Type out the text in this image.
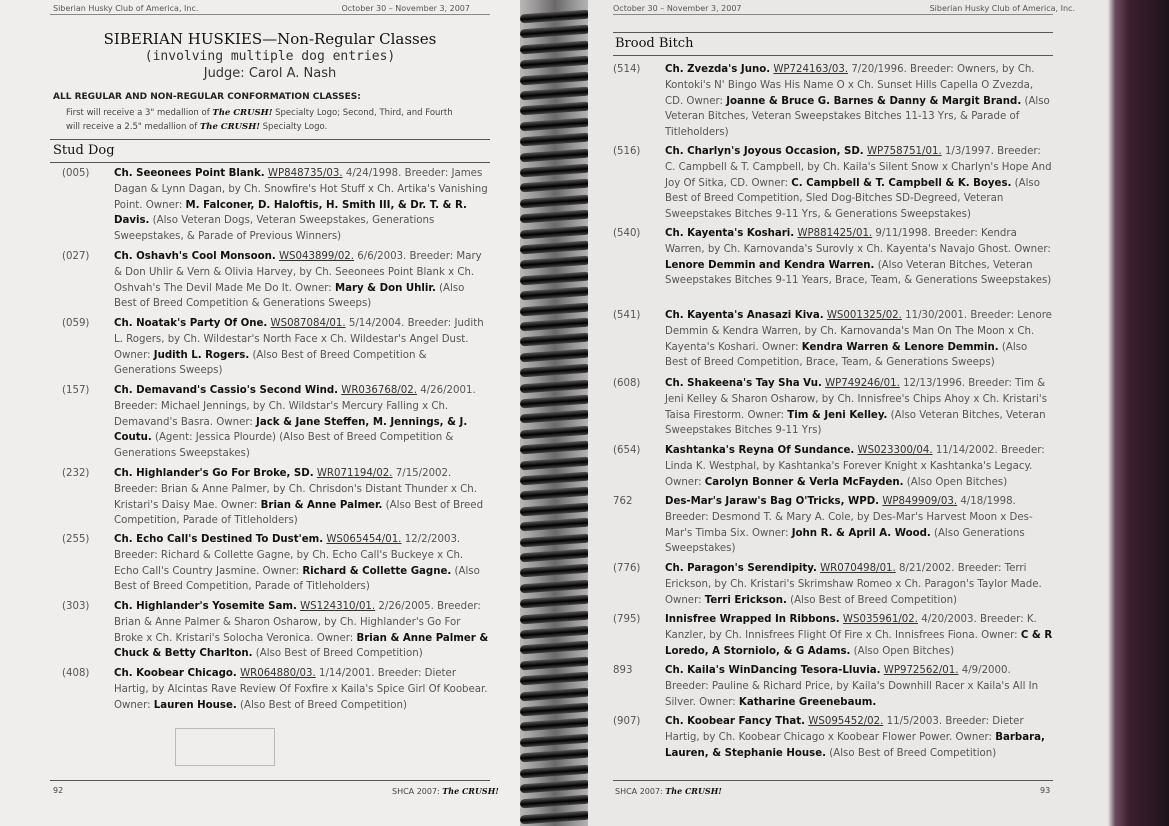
Siberian Husky Club of America, Inc.	October 30 – November 3, 2007
SIBERIAN HUSKIES—Non-Regular Classes
(involving multiple dog entries)
Judge: Carol A. Nash
ALL REGULAR AND NON-REGULAR CONFORMATION CLASSES:
First will receive a 3" medallion of The CRUSH! Specialty Logo; Second, Third, and Fourth
will receive a 2.5" medallion of The CRUSH! Specialty Logo.
Stud Dog
(005)	Ch. Seeonees Point Blank. WP848735/03. 4/24/1998. Breeder: James Dagan & Lynn Dagan, by Ch. Snowfire's Hot Stuff x Ch. Artika's Vanishing Point. Owner: M. Falconer, D. Haloftis, H. Smith III, & Dr. T. & R. Davis. (Also Veteran Dogs, Veteran Sweepstakes, Generations Sweepstakes, & Parade of Previous Winners)
(027)	Ch. Oshavh's Cool Monsoon. WS043899/02. 6/6/2003. Breeder: Mary & Don Uhlir & Vern & Olivia Harvey, by Ch. Seeonees Point Blank x Ch. Oshvah's The Devil Made Me Do It. Owner: Mary & Don Uhlir. (Also Best of Breed Competition & Generations Sweeps)
(059)	Ch. Noatak's Party Of One. WS087084/01. 5/14/2004. Breeder: Judith L. Rogers, by Ch. Wildestar's North Face x Ch. Wildestar's Angel Dust. Owner: Judith L. Rogers. (Also Best of Breed Competition & Generations Sweeps)
(157)	Ch. Demavand's Cassio's Second Wind. WR036768/02. 4/26/2001. Breeder: Michael Jennings, by Ch. Wildstar's Mercury Falling x Ch. Demavand's Basra. Owner: Jack & Jane Steffen, M. Jennings, & J. Coutu. (Agent: Jessica Plourde) (Also Best of Breed Competition & Generations Sweepstakes)
(232)	Ch. Highlander's Go For Broke, SD. WR071194/02. 7/15/2002. Breeder: Brian & Anne Palmer, by Ch. Chrisdon's Distant Thunder x Ch. Kristari's Daisy Mae. Owner: Brian & Anne Palmer. (Also Best of Breed Competition, Parade of Titleholders)
(255)	Ch. Echo Call's Destined To Dust'em. WS065454/01. 12/2/2003. Breeder: Richard & Collette Gagne, by Ch. Echo Call's Buckeye x Ch. Echo Call's Country Jasmine. Owner: Richard & Collette Gagne. (Also Best of Breed Competition, Parade of Titleholders)
(303)	Ch. Highlander's Yosemite Sam. WS124310/01. 2/26/2005. Breeder: Brian & Anne Palmer & Sharon Osharow, by Ch. Highlander's Go For Broke x Ch. Kristari's Solocha Veronica. Owner: Brian & Anne Palmer & Chuck & Betty Charlton. (Also Best of Breed Competition)
(408)	Ch. Koobear Chicago. WR064880/03. 1/14/2001. Breeder: Dieter Hartig, by Alcintas Rave Review Of Foxfire x Kaila's Spice Girl Of Koobear. Owner: Lauren House. (Also Best of Breed Competition)
92	SHCA 2007: The CRUSH!
October 30 – November 3, 2007	Siberian Husky Club of America, Inc.
Brood Bitch
(514)	Ch. Zvezda's Juno. WP724163/03. 7/20/1996. Breeder: Owners, by Ch. Kontoki's N' Bingo Was His Name O x Ch. Sunset Hills Capella O Zvezda, CD. Owner: Joanne & Bruce G. Barnes & Danny & Margit Brand. (Also Veteran Bitches, Veteran Sweepstakes Bitches 11-13 Yrs, & Parade of Titleholders)
(516)	Ch. Charlyn's Joyous Occasion, SD. WP758751/01. 1/3/1997. Breeder: C. Campbell & T. Campbell, by Ch. Kaila's Silent Snow x Charlyn's Hope And Joy Of Sitka, CD. Owner: C. Campbell & T. Campbell & K. Boyes. (Also Best of Breed Competition, Sled Dog-Bitches SD-Degreed, Veteran Sweepstakes Bitches 9-11 Yrs, & Generations Sweepstakes)
(540)	Ch. Kayenta's Koshari. WP881425/01. 9/11/1998. Breeder: Kendra Warren, by Ch. Karnovanda's Surovly x Ch. Kayenta's Navajo Ghost. Owner: Lenore Demmin and Kendra Warren. (Also Veteran Bitches, Veteran Sweepstakes Bitches 9-11 Years, Brace, Team, & Generations Sweepstakes)
(541)	Ch. Kayenta's Anasazi Kiva. WS001325/02. 11/30/2001. Breeder: Lenore Demmin & Kendra Warren, by Ch. Karnovanda's Man On The Moon x Ch. Kayenta's Koshari. Owner: Kendra Warren & Lenore Demmin. (Also Best of Breed Competition, Brace, Team, & Generations Sweeps)
(608)	Ch. Shakeena's Tay Sha Vu. WP749246/01. 12/13/1996. Breeder: Tim & Jeni Kelley & Sharon Osharow, by Ch. Innisfree's Chips Ahoy x Ch. Kristari's Taisa Firestorm. Owner: Tim & Jeni Kelley. (Also Veteran Bitches, Veteran Sweepstakes Bitches 9-11 Yrs)
(654)	Kashtanka's Reyna Of Sundance. WS023300/04. 11/14/2002. Breeder: Linda K. Westphal, by Kashtanka's Forever Knight x Kashtanka's Legacy. Owner: Carolyn Bonner & Verla McFayden. (Also Open Bitches)
762	Des-Mar's Jaraw's Bag O'Tricks, WPD. WP849909/03. 4/18/1998. Breeder: Desmond T. & Mary A. Cole, by Des-Mar's Harvest Moon x Des-Mar's Timba Six. Owner: John R. & April A. Wood. (Also Generations Sweepstakes)
(776)	Ch. Paragon's Serendipity. WR070498/01. 8/21/2002. Breeder: Terri Erickson, by Ch. Kristari's Skrimshaw Romeo x Ch. Paragon's Taylor Made. Owner: Terri Erickson. (Also Best of Breed Competition)
(795)	Innisfree Wrapped In Ribbons. WS035961/02. 4/20/2003. Breeder: K. Kanzler, by Ch. Innisfrees Flight Of Fire x Ch. Innisfrees Fiona. Owner: C & R Loredo, A Storniolo, & G Adams. (Also Open Bitches)
893	Ch. Kaila's WinDancing Tesora-Lluvia. WP972562/01. 4/9/2000. Breeder: Pauline & Richard Price, by Kaila's Downhill Racer x Kaila's All In Silver. Owner: Katharine Greenebaum.
(907)	Ch. Koobear Fancy That. WS095452/02. 11/5/2003. Breeder: Dieter Hartig, by Ch. Koobear Chicago x Koobear Flower Power. Owner: Barbara, Lauren, & Stephanie House. (Also Best of Breed Competition)
SHCA 2007: The CRUSH!	93
